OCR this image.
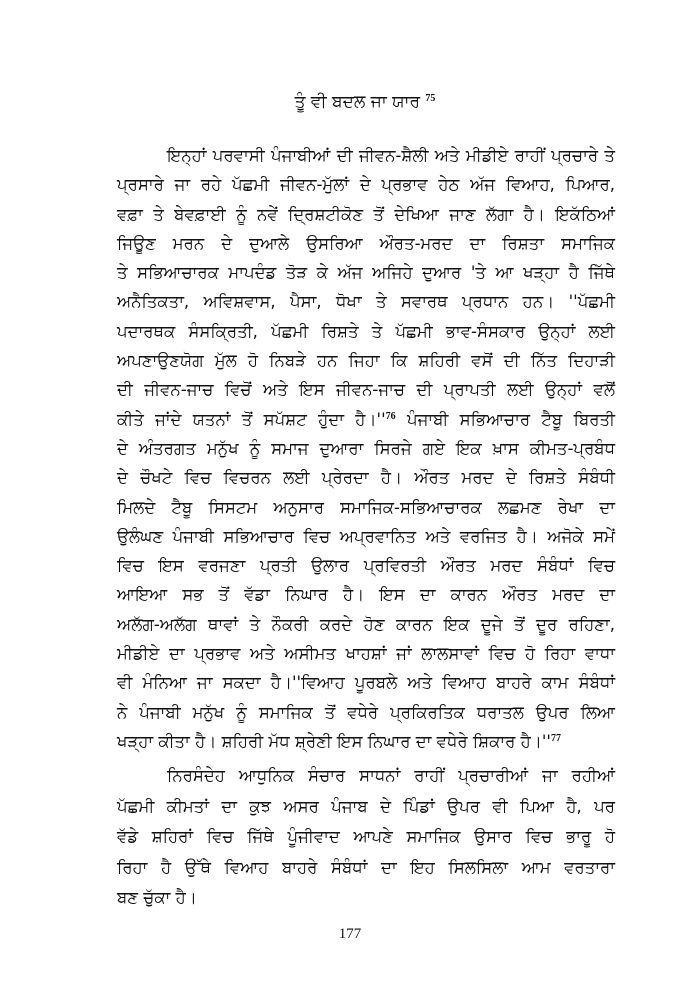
ਤੂੰ ਵੀ ਬਦਲ ਜਾ ਯਾਰ $^{75}$
ਇਨ੍ਹਾਂ ਪਰਵਾਸੀ ਪੰਜਾਬੀਆਂ ਦੀ ਜੀਵਨ-ਸ਼ੈਲੀ ਅਤੇ ਮੀਡੀਏ ਰਾਹੀਂ ਪ੍ਰਚਾਰੇ ਤੇ
ਪ੍ਰਸਾਰੇ ਜਾ ਰਹੇ ਪੱਛਮੀ ਜੀਵਨ-ਮੁੱਲਾਂ ਦੇ ਪ੍ਰਭਾਵ ਹੇਠ ਅੱਜ ਵਿਆਹ, ਪਿਆਰ,
ਵਫ਼ਾ ਤੇ ਬੇਵਫ਼ਾਈ ਨੂੰ ਨਵੇਂ ਦ੍ਰਿਸ਼ਟੀਕੋਣ ਤੋਂ ਦੇਖਿਆ ਜਾਣ ਲੱਗਾ ਹੈ। ਇਕੱਠਿਆਂ
ਜਿਊਣ ਮਰਨ ਦੇ ਦੁਆਲੇ ਉਸਰਿਆ ਔਰਤ-ਮਰਦ ਦਾ ਰਿਸ਼ਤਾ ਸਮਾਜਿਕ
ਤੇ ਸਭਿਆਚਾਰਕ ਮਾਪਦੰਡ ਤੋੜ ਕੇ ਅੱਜ ਅਜਿਹੇ ਦੁਆਰ 'ਤੇ ਆ ਖੜ੍ਹਾ ਹੈ ਜਿੱਥੇ
ਅਨੈਤਿਕਤਾ, ਅਵਿਸ਼ਵਾਸ, ਪੈਸਾ, ਧੋਖਾ ਤੇ ਸਵਾਰਥ ਪ੍ਰਧਾਨ ਹਨ। ''ਪੱਛਮੀ
ਪਦਾਰਥਕ ਸੰਸਕ੍ਰਿਤੀ, ਪੱਛਮੀ ਰਿਸ਼ਤੇ ਤੇ ਪੱਛਮੀ ਭਾਵ-ਸੰਸਕਾਰ ਉਨ੍ਹਾਂ ਲਈ
ਅਪਣਾਉਣਯੋਗ ਮੁੱਲ ਹੋ ਨਿਬੜੇ ਹਨ ਜਿਹਾ ਕਿ ਸ਼ਹਿਰੀ ਵਸੋਂ ਦੀ ਨਿੱਤ ਦਿਹਾੜੀ
ਦੀ ਜੀਵਨ-ਜਾਚ ਵਿਚੋਂ ਅਤੇ ਇਸ ਜੀਵਨ-ਜਾਚ ਦੀ ਪ੍ਰਾਪਤੀ ਲਈ ਉਨ੍ਹਾਂ ਵਲੋਂ
ਕੀਤੇ ਜਾਂਦੇ ਯਤਨਾਂ ਤੋਂ ਸਪੱਸ਼ਟ ਹੁੰਦਾ $ਹੈ।''^{76}$ ਪੰਜਾਬੀ ਸਭਿਆਚਾਰ ਟੈਬੂ ਬਿਰਤੀ
ਦੇ ਅੰਤਰਗਤ ਮਨੁੱਖ ਨੂੰ ਸਮਾਜ ਦੁਆਰਾ ਸਿਰਜੇ ਗਏ ਇਕ ਖ਼ਾਸ ਕੀਮਤ-ਪ੍ਰਬੰਧ
ਦੇ ਚੌਖਟੇ ਵਿਚ ਵਿਚਰਨ ਲਈ ਪ੍ਰੇਰਦਾ ਹੈ। ਔਰਤ ਮਰਦ ਦੇ ਰਿਸ਼ਤੇ ਸੰਬੰਧੀ
ਮਿਲਦੇ ਟੈਬੂ ਸਿਸਟਮ ਅਨੁਸਾਰ ਸਮਾਜਿਕ-ਸਭਿਆਚਾਰਕ ਲਛਮਣ ਰੇਖਾ ਦਾ
ਉਲੰਘਣ ਪੰਜਾਬੀ ਸਭਿਆਚਾਰ ਵਿਚ ਅਪ੍ਰਵਾਨਿਤ ਅਤੇ ਵਰਜਿਤ ਹੈ। ਅਜੋਕੇ ਸਮੇਂ
ਵਿਚ ਇਸ ਵਰਜਣਾ ਪ੍ਰਤੀ ਉਲਾਰ ਪ੍ਰਵਿਰਤੀ ਔਰਤ ਮਰਦ ਸੰਬੰਧਾਂ ਵਿਚ
ਆਇਆ ਸਭ ਤੋਂ ਵੱਡਾ ਨਿਘਾਰ ਹੈ। ਇਸ ਦਾ ਕਾਰਨ ਔਰਤ ਮਰਦ ਦਾ
ਅਲੱਗ-ਅਲੱਗ ਥਾਵਾਂ ਤੇ ਨੌਕਰੀ ਕਰਦੇ ਹੋਣ ਕਾਰਨ ਇਕ ਦੂਜੇ ਤੋਂ ਦੂਰ ਰਹਿਣਾ,
ਮੀਡੀਏ ਦਾ ਪ੍ਰਭਾਵ ਅਤੇ ਅਸੀਮਤ ਖਾਹਸ਼ਾਂ ਜਾਂ ਲਾਲਸਾਵਾਂ ਵਿਚ ਹੋ ਰਿਹਾ ਵਾਧਾ
ਵੀ ਮੰਨਿਆ ਜਾ ਸਕਦਾ ਹੈ।''ਵਿਆਹ ਪੂਰਬਲੇ ਅਤੇ ਵਿਆਹ ਬਾਹਰੇ ਕਾਮ ਸੰਬੰਧਾਂ
ਨੇ ਪੰਜਾਬੀ ਮਨੁੱਖ ਨੂੰ ਸਮਾਜਿਕ ਤੋਂ ਵਧੇਰੇ ਪ੍ਰਕਿਰਤਿਕ ਧਰਾਤਲ ਉਪਰ ਲਿਆ
ਖੜ੍ਹਾ ਕੀਤਾ ਹੈ। ਸ਼ਹਿਰੀ ਮੱਧ ਸ਼੍ਰੇਣੀ ਇਸ ਨਿਘਾਰ ਦਾ ਵਧੇਰੇ ਸ਼ਿਕਾਰ $ਹੈ।''^{77}$
ਨਿਰਸੰਦੇਹ ਆਧੁਨਿਕ ਸੰਚਾਰ ਸਾਧਨਾਂ ਰਾਹੀਂ ਪ੍ਰਚਾਰੀਆਂ ਜਾ ਰਹੀਆਂ
ਪੱਛਮੀ ਕੀਮਤਾਂ ਦਾ ਕੁਝ ਅਸਰ ਪੰਜਾਬ ਦੇ ਪਿੰਡਾਂ ਉਪਰ ਵੀ ਪਿਆ ਹੈ, ਪਰ
ਵੱਡੇ ਸ਼ਹਿਰਾਂ ਵਿਚ ਜਿੱਥੇ ਪੂੰਜੀਵਾਦ ਆਪਣੇ ਸਮਾਜਿਕ ਉਸਾਰ ਵਿਚ ਭਾਰੂ ਹੋ
ਰਿਹਾ ਹੈ ਉੱਥੇ ਵਿਆਹ ਬਾਹਰੇ ਸੰਬੰਧਾਂ ਦਾ ਇਹ ਸਿਲਸਿਲਾ ਆਮ ਵਰਤਾਰਾ
ਬਣ ਚੁੱਕਾ ਹੈ।
177
